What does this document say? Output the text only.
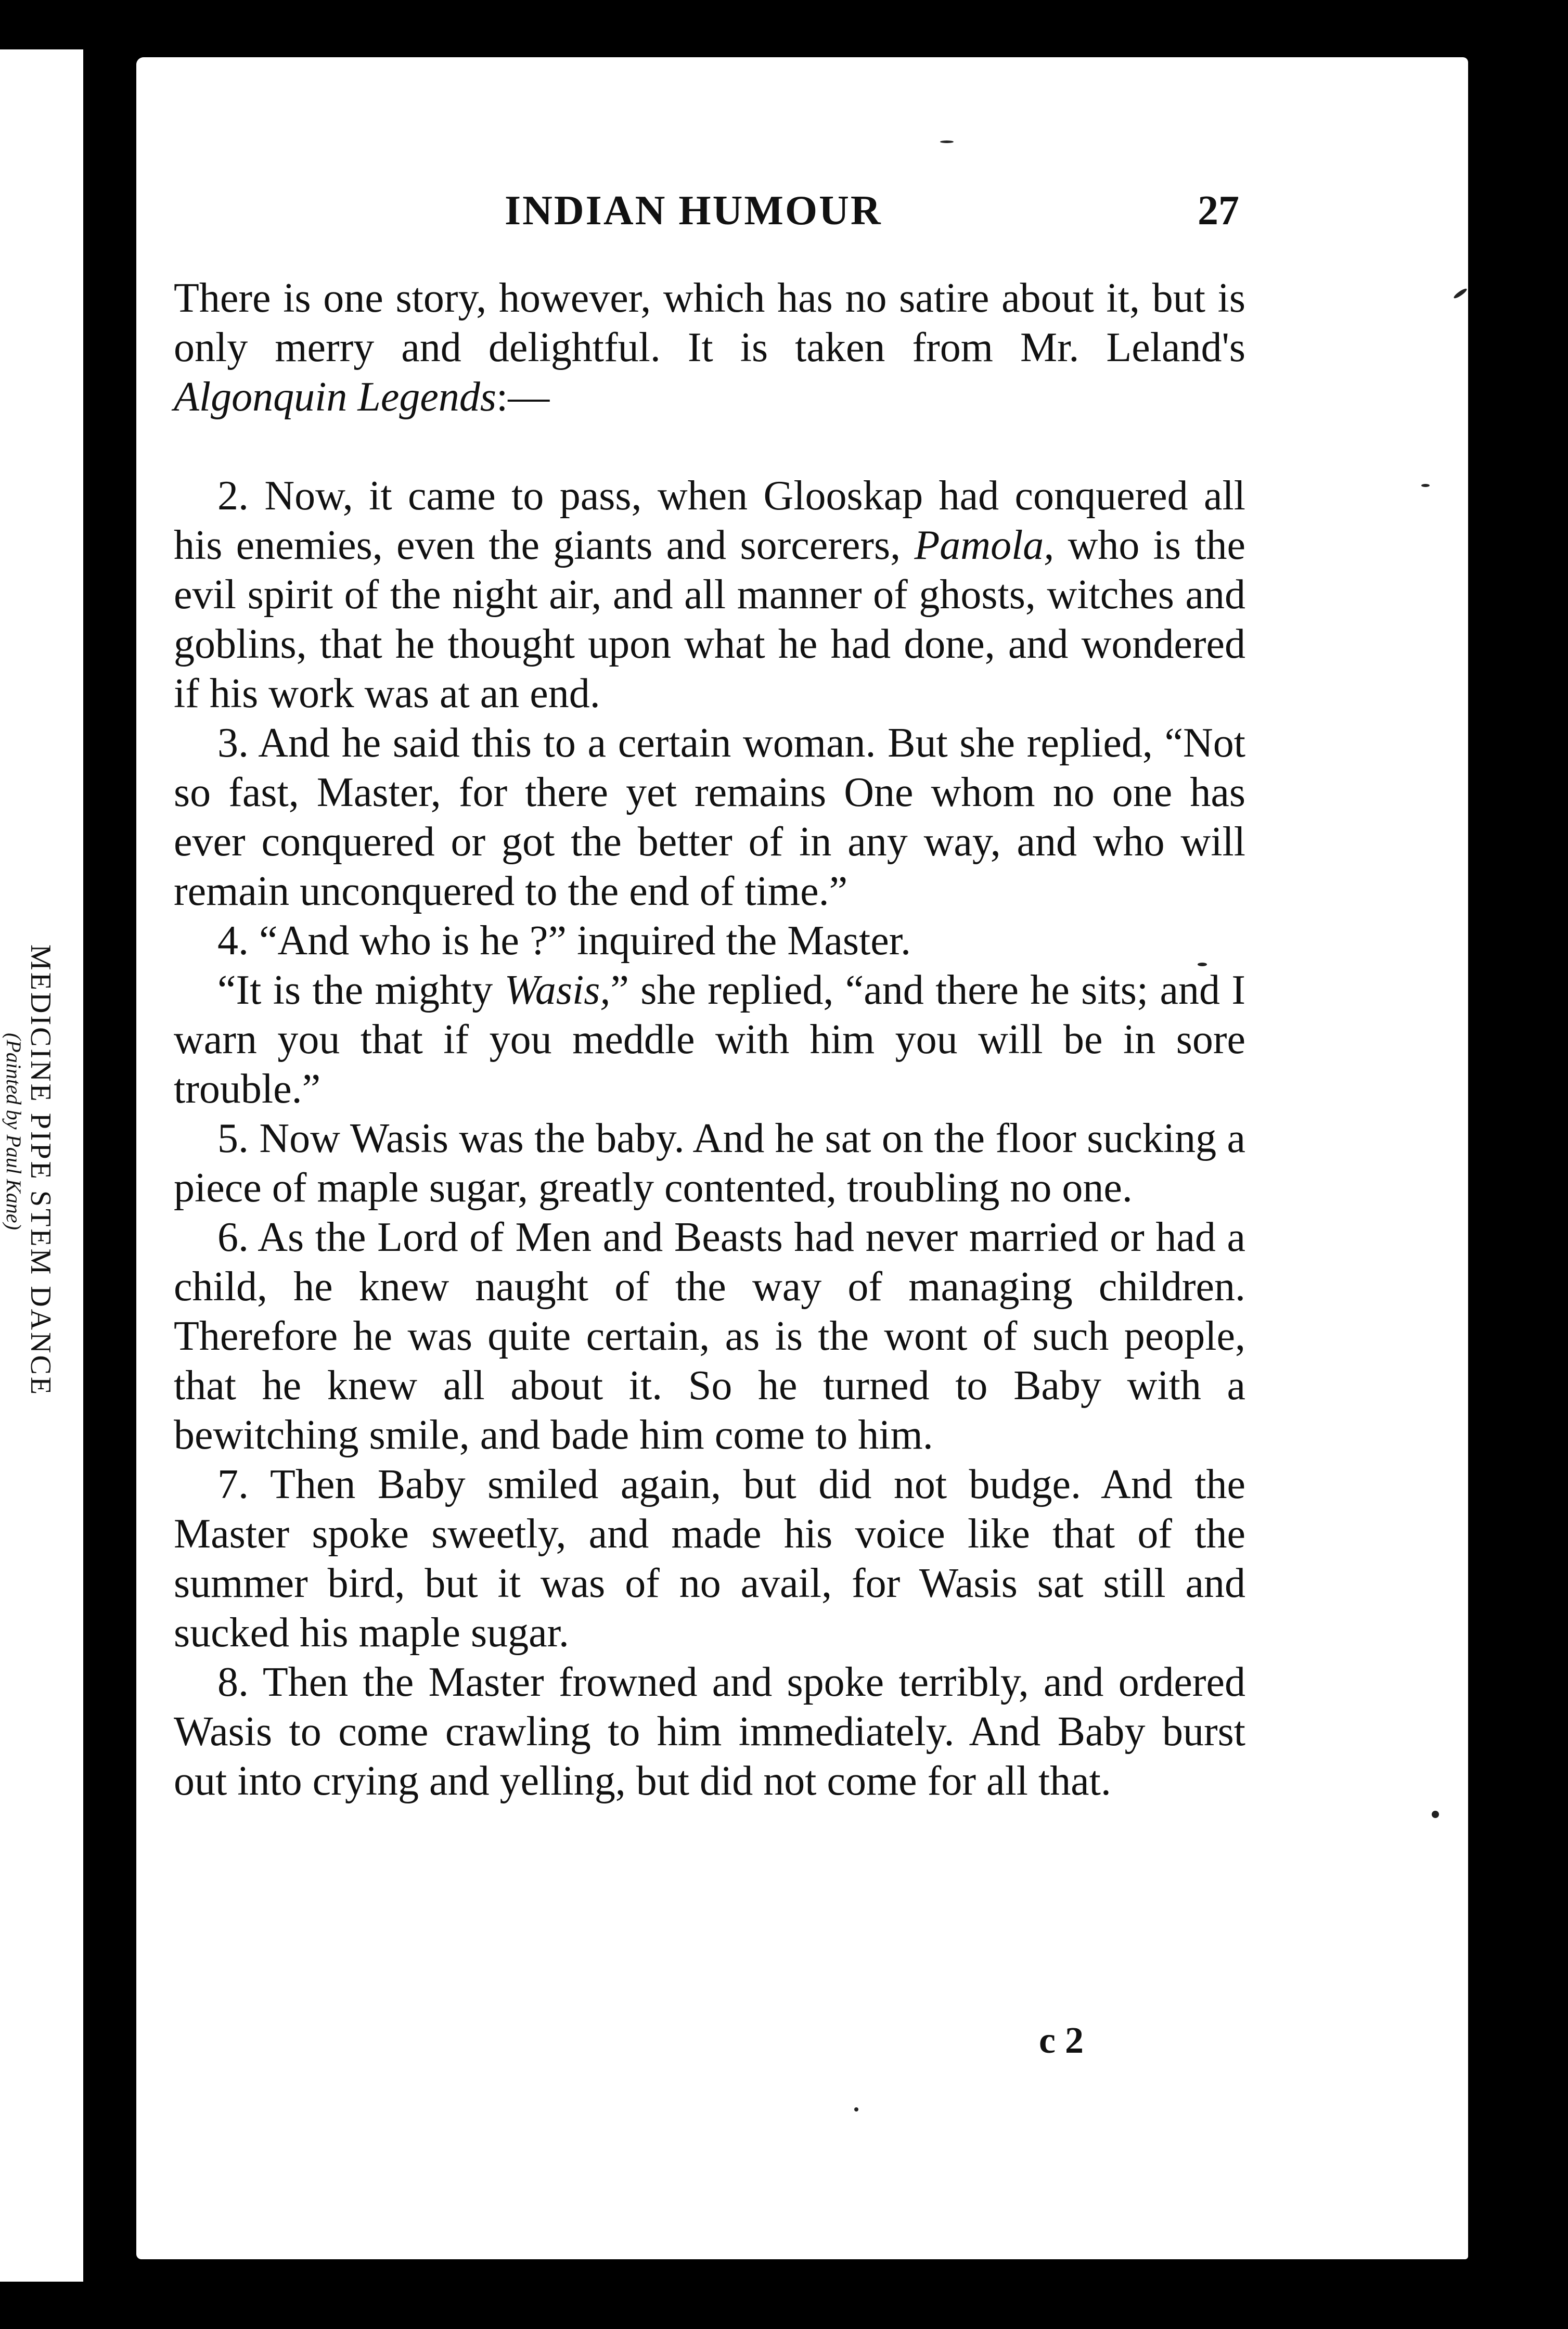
MEDICINE PIPE STEM DANCE
(Painted by Paul Kane)
INDIAN HUMOUR	27

There is one story, however, which has no satire about it, but is only merry and delightful. It is taken from Mr. Leland's Algonquin Legends:—

2. Now, it came to pass, when Glooskap had conquered all his enemies, even the giants and sorcerers, Pamola, who is the evil spirit of the night air, and all manner of ghosts, witches and goblins, that he thought upon what he had done, and wondered if his work was at an end.

3. And he said this to a certain woman. But she replied, “Not so fast, Master, for there yet remains One whom no one has ever conquered or got the better of in any way, and who will remain unconquered to the end of time.”

4. “And who is he ?” inquired the Master.

“It is the mighty Wasis,” she replied, “and there he sits; and I warn you that if you meddle with him you will be in sore trouble.”

5. Now Wasis was the baby. And he sat on the floor sucking a piece of maple sugar, greatly contented, troubling no one.

6. As the Lord of Men and Beasts had never married or had a child, he knew naught of the way of managing children. Therefore he was quite certain, as is the wont of such people, that he knew all about it. So he turned to Baby with a bewitching smile, and bade him come to him.

7. Then Baby smiled again, but did not budge. And the Master spoke sweetly, and made his voice like that of the summer bird, but it was of no avail, for Wasis sat still and sucked his maple sugar.

8. Then the Master frowned and spoke terribly, and ordered Wasis to come crawling to him immediately. And Baby burst out into crying and yelling, but did not come for all that.

c 2
